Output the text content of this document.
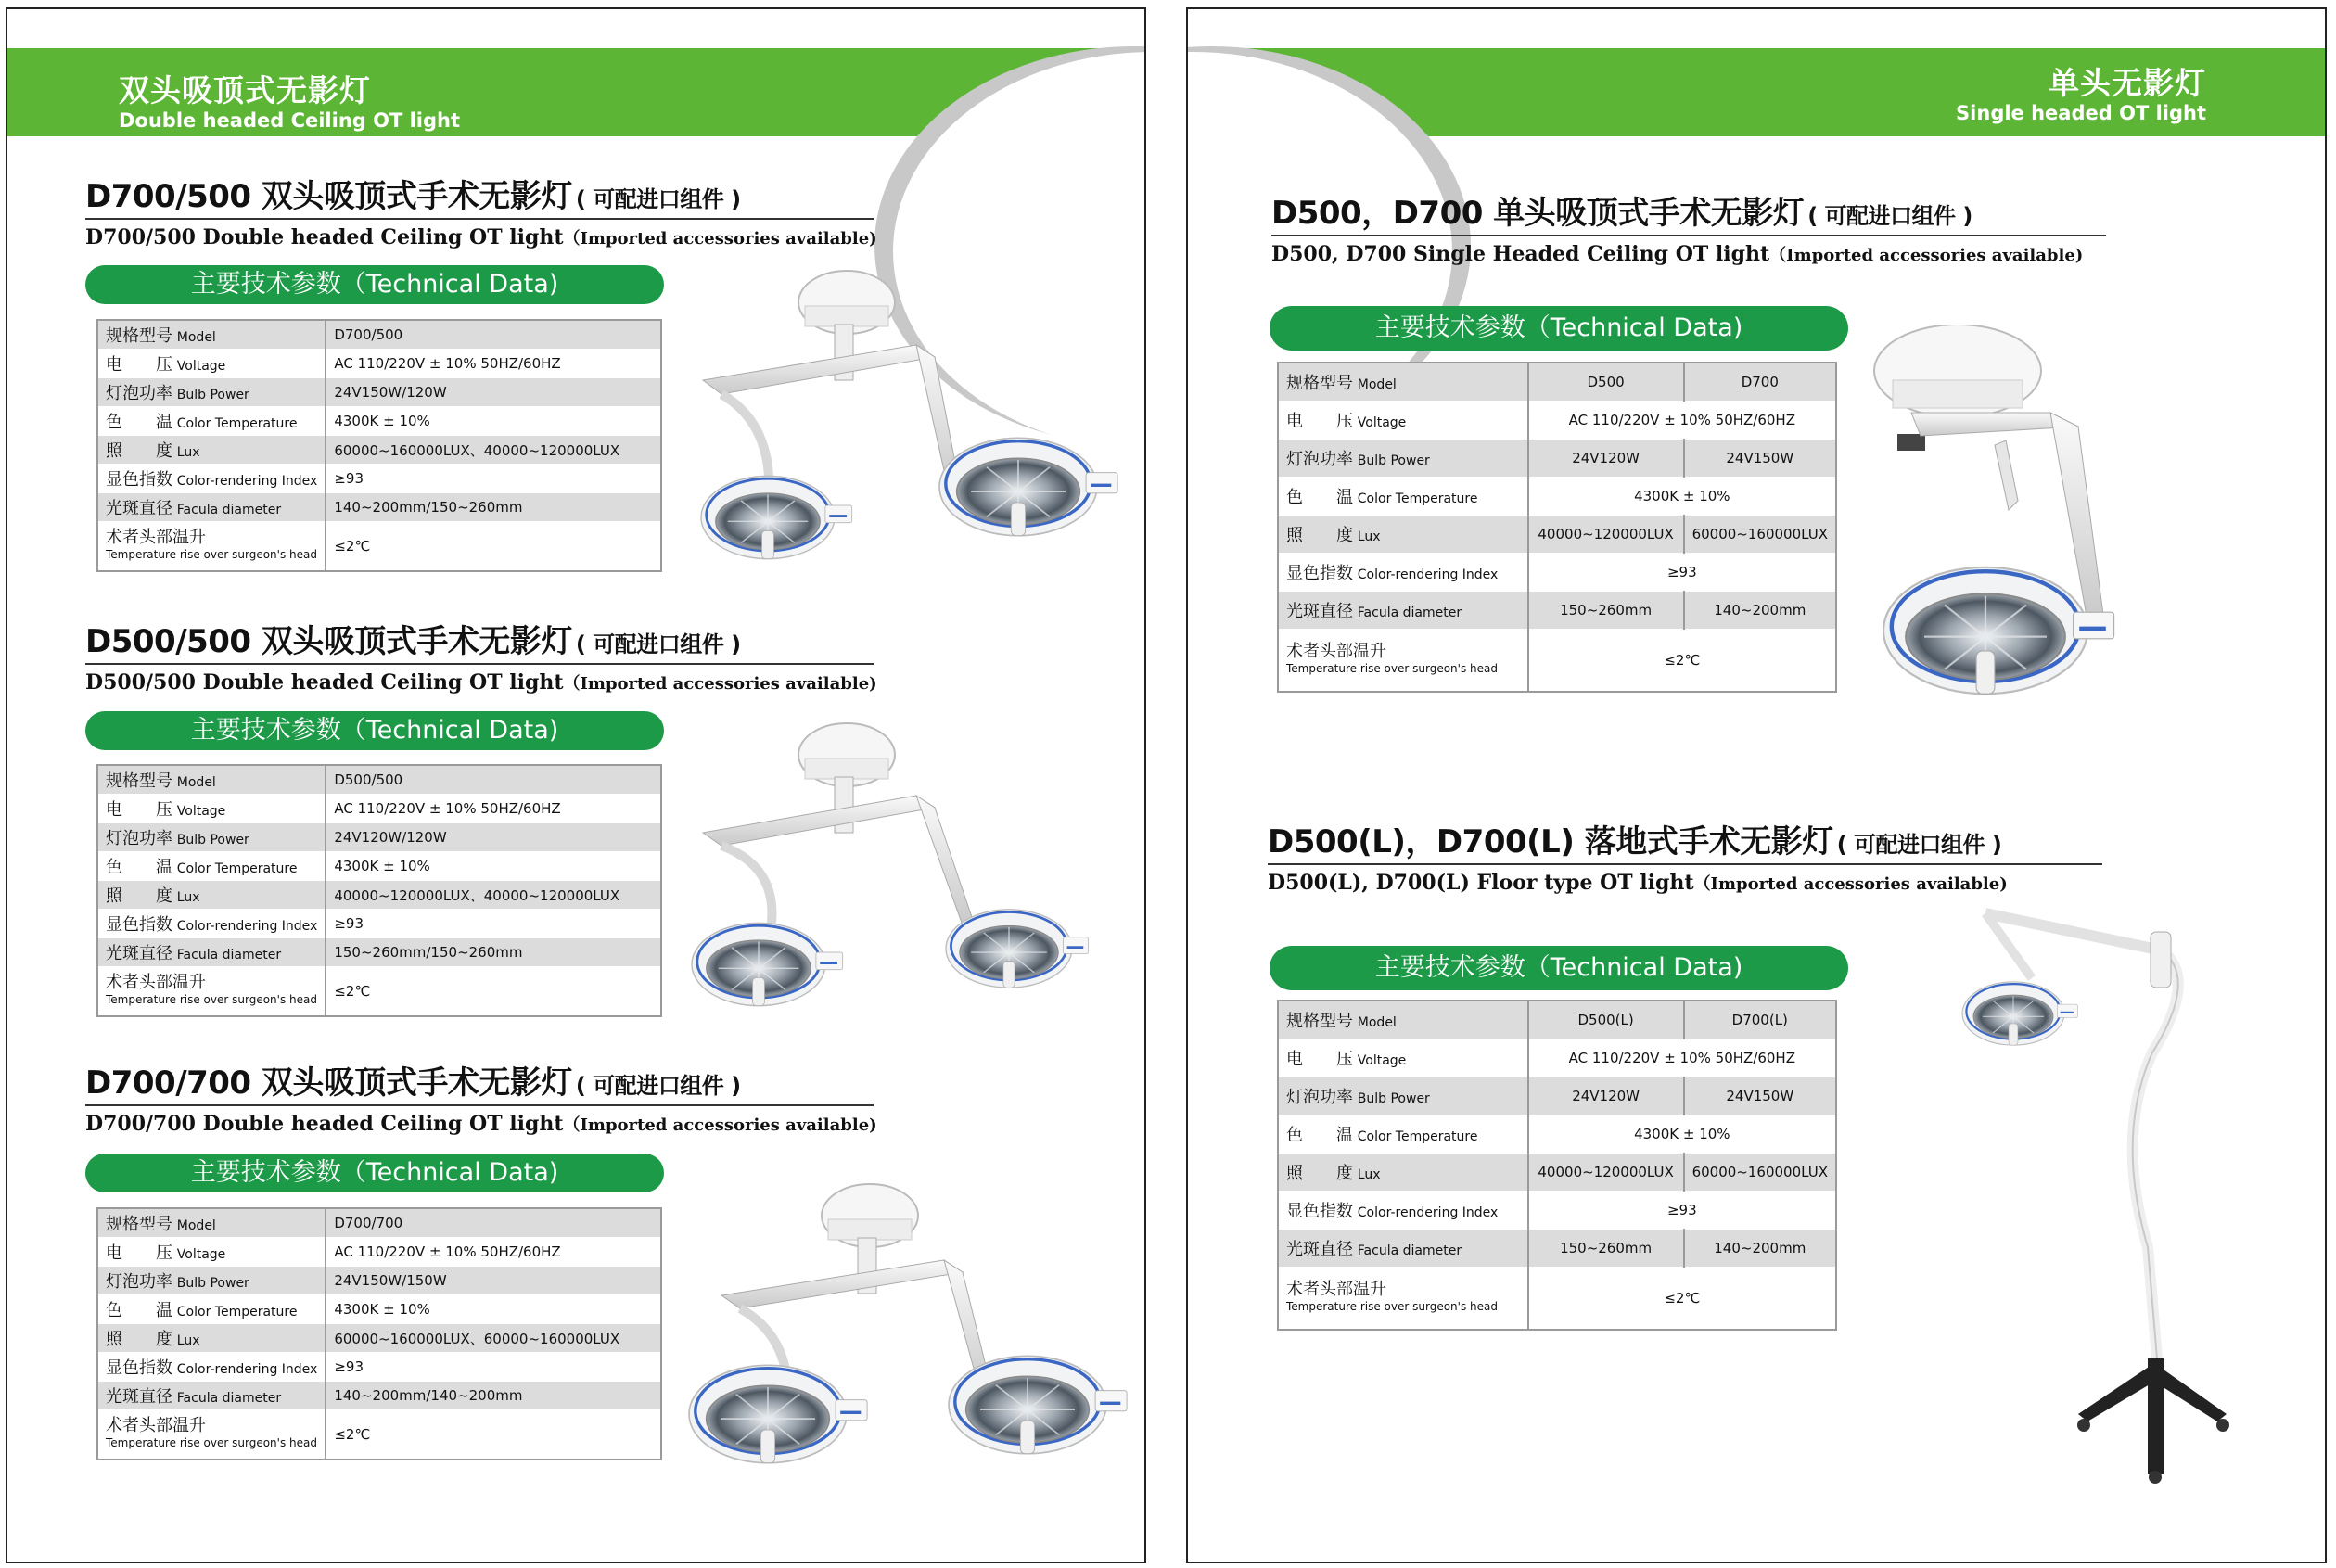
双头吸顶式无影灯
Double headed Ceiling OT light
D700/500 双头吸顶式手术无影灯 ( 可配进口组件 )
D700/500 Double headed Ceiling OT light（Imported accessories available)
主要技术参数（Technical Data)
规格型号 Model	D700/500
电　　压 Voltage	AC 110/220V ± 10% 50HZ/60HZ
灯泡功率 Bulb Power	24V150W/120W
色　　温 Color Temperature	4300K ± 10%
照　　度 Lux	60000~160000LUX、40000~120000LUX
显色指数 Color-rendering Index	≥93
光斑直径 Facula diameter	140~200mm/150~260mm
术者头部温升
Temperature rise over surgeon's head	≤2℃
D500/500 双头吸顶式手术无影灯 ( 可配进口组件 )
D500/500 Double headed Ceiling OT light（Imported accessories available)
主要技术参数（Technical Data)
规格型号 Model	D500/500
电　　压 Voltage	AC 110/220V ± 10% 50HZ/60HZ
灯泡功率 Bulb Power	24V120W/120W
色　　温 Color Temperature	4300K ± 10%
照　　度 Lux	40000~120000LUX、40000~120000LUX
显色指数 Color-rendering Index	≥93
光斑直径 Facula diameter	150~260mm/150~260mm
术者头部温升
Temperature rise over surgeon's head	≤2℃
D700/700 双头吸顶式手术无影灯 ( 可配进口组件 )
D700/700 Double headed Ceiling OT light（Imported accessories available)
主要技术参数（Technical Data)
规格型号 Model	D700/700
电　　压 Voltage	AC 110/220V ± 10% 50HZ/60HZ
灯泡功率 Bulb Power	24V150W/150W
色　　温 Color Temperature	4300K ± 10%
照　　度 Lux	60000~160000LUX、60000~160000LUX
显色指数 Color-rendering Index	≥93
光斑直径 Facula diameter	140~200mm/140~200mm
术者头部温升
Temperature rise over surgeon's head	≤2℃
单头无影灯
Single headed OT light
D500，D700 单头吸顶式手术无影灯 ( 可配进口组件 )
D500, D700 Single Headed Ceiling OT light（Imported accessories available)
主要技术参数（Technical Data)
规格型号 Model	D500	D700
电　　压 Voltage	AC 110/220V ± 10% 50HZ/60HZ	
灯泡功率 Bulb Power	24V120W	24V150W
色　　温 Color Temperature	4300K ± 10%	
照　　度 Lux	40000~120000LUX	60000~160000LUX
显色指数 Color-rendering Index	≥93	
光斑直径 Facula diameter	150~260mm	140~200mm
术者头部温升
Temperature rise over surgeon's head	≤2℃	
D500(L)，D700(L) 落地式手术无影灯 ( 可配进口组件 )
D500(L), D700(L) Floor type OT light（Imported accessories available)
主要技术参数（Technical Data)
规格型号 Model	D500(L)	D700(L)
电　　压 Voltage	AC 110/220V ± 10% 50HZ/60HZ	
灯泡功率 Bulb Power	24V120W	24V150W
色　　温 Color Temperature	4300K ± 10%	
照　　度 Lux	40000~120000LUX	60000~160000LUX
显色指数 Color-rendering Index	≥93	
光斑直径 Facula diameter	150~260mm	140~200mm
术者头部温升
Temperature rise over surgeon's head	≤2℃	
